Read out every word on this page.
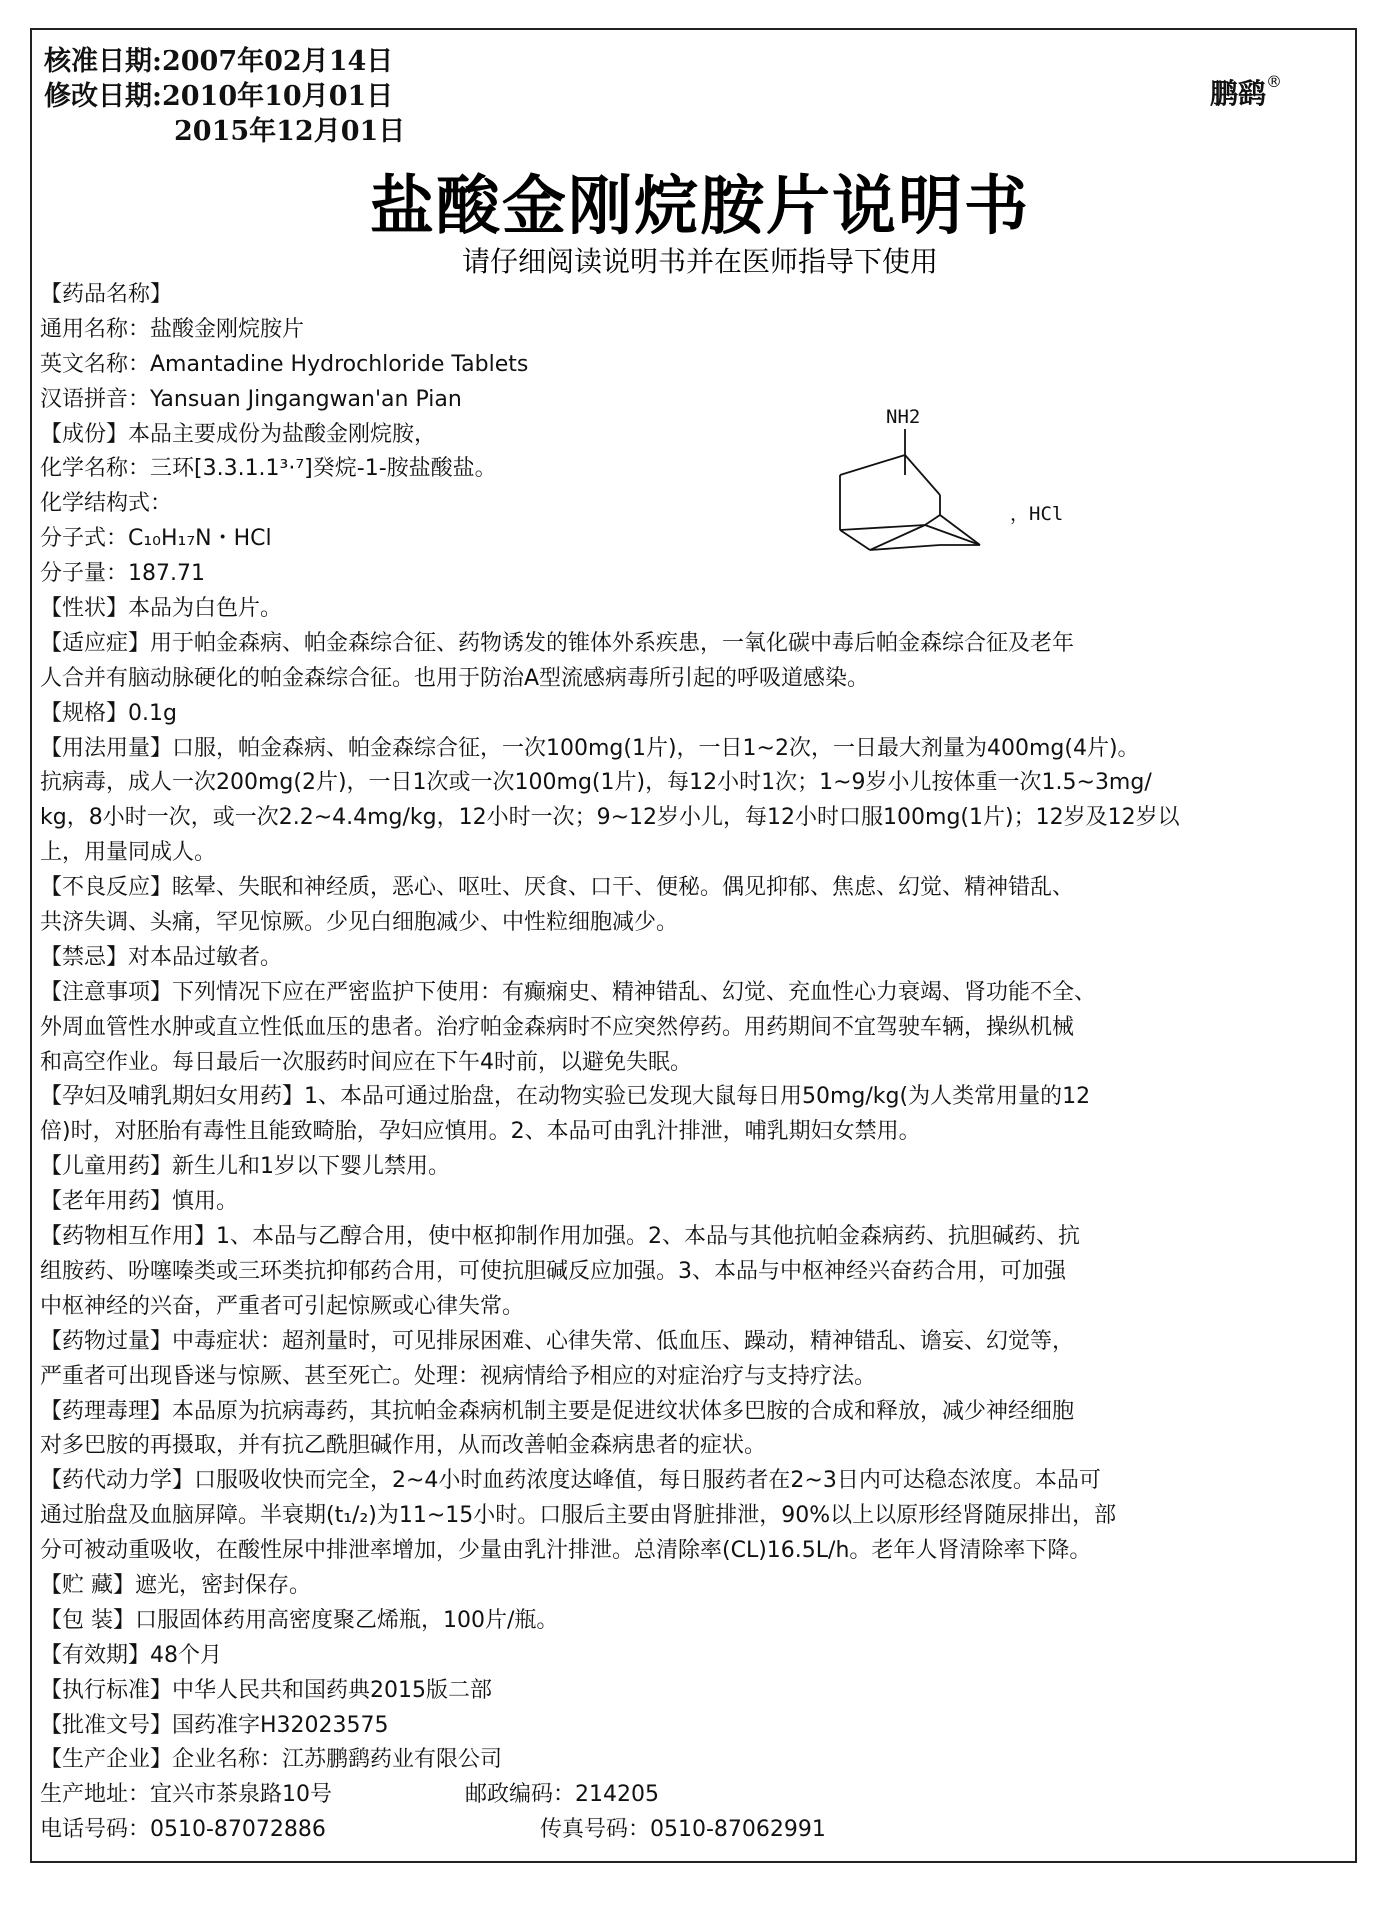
核准日期:2007年02月14日
修改日期:2010年10月01日
2015年12月01日
鹏鹞®
盐酸金刚烷胺片说明书
请仔细阅读说明书并在医师指导下使用
NH2
，HCl
【药品名称】
通用名称：盐酸金刚烷胺片
英文名称：Amantadine Hydrochloride Tablets
汉语拼音：Yansuan Jingangwan'an Pian
【成份】本品主要成份为盐酸金刚烷胺，
化学名称：三环[3.3.1.1³·⁷]癸烷-1-胺盐酸盐。
化学结构式：
分子式：C₁₀H₁₇N・HCl
分子量：187.71
【性状】本品为白色片。
【适应症】用于帕金森病、帕金森综合征、药物诱发的锥体外系疾患，一氧化碳中毒后帕金森综合征及老年
人合并有脑动脉硬化的帕金森综合征。也用于防治A型流感病毒所引起的呼吸道感染。
【规格】0.1g
【用法用量】口服，帕金森病、帕金森综合征，一次100mg(1片)，一日1~2次，一日最大剂量为400mg(4片)。
抗病毒，成人一次200mg(2片)，一日1次或一次100mg(1片)，每12小时1次；1~9岁小儿按体重一次1.5~3mg/
kg，8小时一次，或一次2.2~4.4mg/kg，12小时一次；9~12岁小儿，每12小时口服100mg(1片)；12岁及12岁以
上，用量同成人。
【不良反应】眩晕、失眠和神经质，恶心、呕吐、厌食、口干、便秘。偶见抑郁、焦虑、幻觉、精神错乱、
共济失调、头痛，罕见惊厥。少见白细胞减少、中性粒细胞减少。
【禁忌】对本品过敏者。
【注意事项】下列情况下应在严密监护下使用：有癫痫史、精神错乱、幻觉、充血性心力衰竭、肾功能不全、
外周血管性水肿或直立性低血压的患者。治疗帕金森病时不应突然停药。用药期间不宜驾驶车辆，操纵机械
和高空作业。每日最后一次服药时间应在下午4时前，以避免失眠。
【孕妇及哺乳期妇女用药】1、本品可通过胎盘，在动物实验已发现大鼠每日用50mg/kg(为人类常用量的12
倍)时，对胚胎有毒性且能致畸胎，孕妇应慎用。2、本品可由乳汁排泄，哺乳期妇女禁用。
【儿童用药】新生儿和1岁以下婴儿禁用。
【老年用药】慎用。
【药物相互作用】1、本品与乙醇合用，使中枢抑制作用加强。2、本品与其他抗帕金森病药、抗胆碱药、抗
组胺药、吩噻嗪类或三环类抗抑郁药合用，可使抗胆碱反应加强。3、本品与中枢神经兴奋药合用，可加强
中枢神经的兴奋，严重者可引起惊厥或心律失常。
【药物过量】中毒症状：超剂量时，可见排尿困难、心律失常、低血压、躁动，精神错乱、谵妄、幻觉等，
严重者可出现昏迷与惊厥、甚至死亡。处理：视病情给予相应的对症治疗与支持疗法。
【药理毒理】本品原为抗病毒药，其抗帕金森病机制主要是促进纹状体多巴胺的合成和释放，减少神经细胞
对多巴胺的再摄取，并有抗乙酰胆碱作用，从而改善帕金森病患者的症状。
【药代动力学】口服吸收快而完全，2~4小时血药浓度达峰值，每日服药者在2~3日内可达稳态浓度。本品可
通过胎盘及血脑屏障。半衰期(t₁/₂)为11~15小时。口服后主要由肾脏排泄，90%以上以原形经肾随尿排出，部
分可被动重吸收，在酸性尿中排泄率增加，少量由乳汁排泄。总清除率(CL)16.5L/h。老年人肾清除率下降。
【贮 藏】遮光，密封保存。
【包 装】口服固体药用高密度聚乙烯瓶，100片/瓶。
【有效期】48个月
【执行标准】中华人民共和国药典2015版二部
【批准文号】国药准字H32023575
【生产企业】企业名称：江苏鹏鹞药业有限公司
生产地址：宜兴市茶泉路10号	邮政编码：214205
电话号码：0510-87072886	传真号码：0510-87062991
